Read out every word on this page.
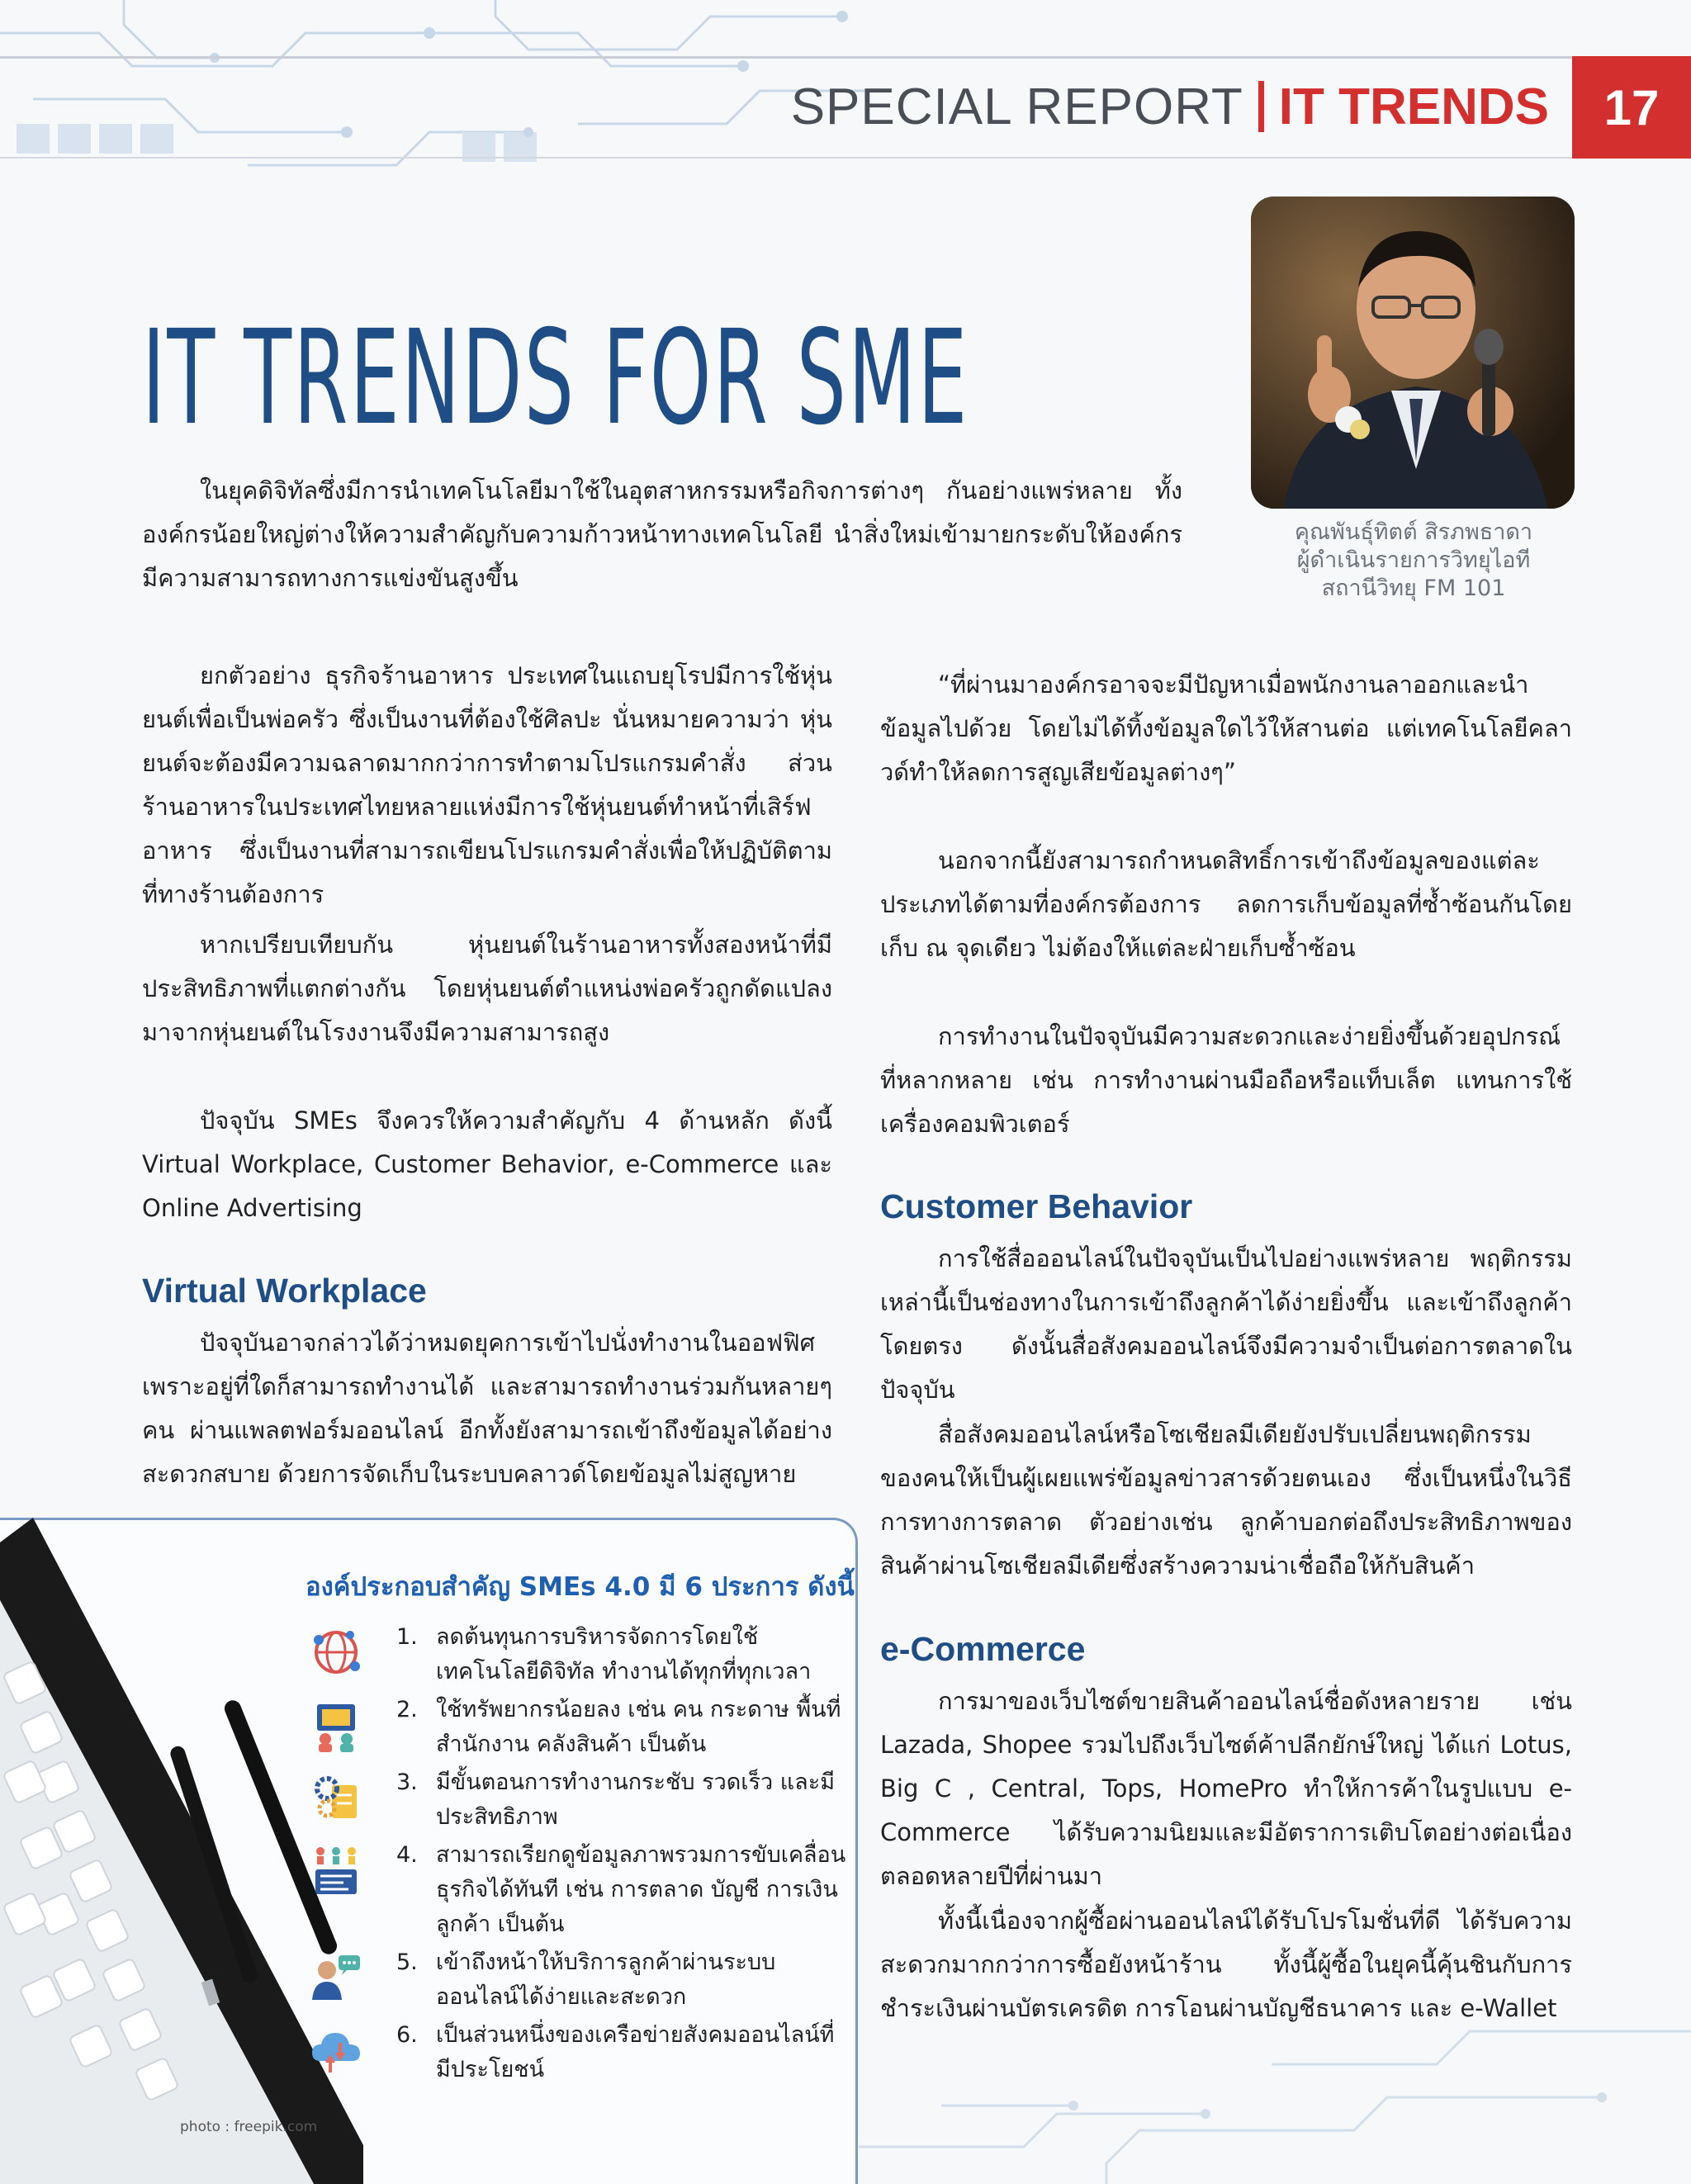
SPECIAL REPORT IT TRENDS	17
IT TRENDS FOR SME

ในยุคดิจิทัลซึ่งมีการนำเทคโนโลยีมาใช้ในอุตสาหกรรมหรือกิจการต่างๆ กันอย่างแพร่หลาย ทั้งองค์กรน้อยใหญ่ต่างให้ความสำคัญกับความก้าวหน้าทางเทคโนโลยี นำสิ่งใหม่เข้ามายกระดับให้องค์กรมีความสามารถทางการแข่งขันสูงขึ้น

คุณพันธุ์ทิตต์ สิรภพธาดา
ผู้ดำเนินรายการวิทยุไอที
สถานีวิทยุ FM 101

ยกตัวอย่าง ธุรกิจร้านอาหาร ประเทศในแถบยุโรปมีการใช้หุ่นยนต์เพื่อเป็นพ่อครัว ซึ่งเป็นงานที่ต้องใช้ศิลปะ นั่นหมายความว่า หุ่นยนต์จะต้องมีความฉลาดมากกว่าการทำตามโปรแกรมคำสั่ง ส่วนร้านอาหารในประเทศไทยหลายแห่งมีการใช้หุ่นยนต์ทำหน้าที่เสิร์ฟอาหาร ซึ่งเป็นงานที่สามารถเขียนโปรแกรมคำสั่งเพื่อให้ปฏิบัติตามที่ทางร้านต้องการ

หากเปรียบเทียบกัน หุ่นยนต์ในร้านอาหารทั้งสองหน้าที่มีประสิทธิภาพที่แตกต่างกัน โดยหุ่นยนต์ตำแหน่งพ่อครัวถูกดัดแปลงมาจากหุ่นยนต์ในโรงงานจึงมีความสามารถสูง

ปัจจุบัน SMEs จึงควรให้ความสำคัญกับ 4 ด้านหลัก ดังนี้ Virtual Workplace, Customer Behavior, e-Commerce และ Online Advertising

Virtual Workplace

ปัจจุบันอาจกล่าวได้ว่าหมดยุคการเข้าไปนั่งทำงานในออฟฟิศ เพราะอยู่ที่ใดก็สามารถทำงานได้ และสามารถทำงานร่วมกันหลายๆ คน ผ่านแพลตฟอร์มออนไลน์ อีกทั้งยังสามารถเข้าถึงข้อมูลได้อย่างสะดวกสบาย ด้วยการจัดเก็บในระบบคลาวด์โดยข้อมูลไม่สูญหาย

“ที่ผ่านมาองค์กรอาจจะมีปัญหาเมื่อพนักงานลาออกและนำข้อมูลไปด้วย โดยไม่ได้ทิ้งข้อมูลใดไว้ให้สานต่อ แต่เทคโนโลยีคลาวด์ทำให้ลดการสูญเสียข้อมูลต่างๆ”

นอกจากนี้ยังสามารถกำหนดสิทธิ์การเข้าถึงข้อมูลของแต่ละประเภทได้ตามที่องค์กรต้องการ ลดการเก็บข้อมูลที่ซ้ำซ้อนกันโดยเก็บ ณ จุดเดียว ไม่ต้องให้แต่ละฝ่ายเก็บซ้ำซ้อน

การทำงานในปัจจุบันมีความสะดวกและง่ายยิ่งขึ้นด้วยอุปกรณ์ที่หลากหลาย เช่น การทำงานผ่านมือถือหรือแท็บเล็ต แทนการใช้เครื่องคอมพิวเตอร์

Customer Behavior

การใช้สื่อออนไลน์ในปัจจุบันเป็นไปอย่างแพร่หลาย พฤติกรรมเหล่านี้เป็นช่องทางในการเข้าถึงลูกค้าได้ง่ายยิ่งขึ้น และเข้าถึงลูกค้าโดยตรง ดังนั้นสื่อสังคมออนไลน์จึงมีความจำเป็นต่อการตลาดในปัจจุบัน

สื่อสังคมออนไลน์หรือโซเชียลมีเดียยังปรับเปลี่ยนพฤติกรรมของคนให้เป็นผู้เผยแพร่ข้อมูลข่าวสารด้วยตนเอง ซึ่งเป็นหนึ่งในวิธีการทางการตลาด ตัวอย่างเช่น ลูกค้าบอกต่อถึงประสิทธิภาพของสินค้าผ่านโซเชียลมีเดียซึ่งสร้างความน่าเชื่อถือให้กับสินค้า

e-Commerce

การมาของเว็บไซต์ขายสินค้าออนไลน์ชื่อดังหลายราย เช่น Lazada, Shopee รวมไปถึงเว็บไซต์ค้าปลีกยักษ์ใหญ่ ได้แก่ Lotus, Big C , Central, Tops, HomePro ทำให้การค้าในรูปแบบ e-Commerce ได้รับความนิยมและมีอัตราการเติบโตอย่างต่อเนื่องตลอดหลายปีที่ผ่านมา

ทั้งนี้เนื่องจากผู้ซื้อผ่านออนไลน์ได้รับโปรโมชั่นที่ดี ได้รับความสะดวกมากกว่าการซื้อยังหน้าร้าน ทั้งนี้ผู้ซื้อในยุคนี้คุ้นชินกับการชำระเงินผ่านบัตรเครดิต การโอนผ่านบัญชีธนาคาร และ e-Wallet

องค์ประกอบสำคัญ SMEs 4.0 มี 6 ประการ ดังนี้
1. ลดต้นทุนการบริหารจัดการโดยใช้เทคโนโลยีดิจิทัล ทำงานได้ทุกที่ทุกเวลา
2. ใช้ทรัพยากรน้อยลง เช่น คน กระดาษ พื้นที่สำนักงาน คลังสินค้า เป็นต้น
3. มีขั้นตอนการทำงานกระชับ รวดเร็ว และมีประสิทธิภาพ
4. สามารถเรียกดูข้อมูลภาพรวมการขับเคลื่อนธุรกิจได้ทันที เช่น การตลาด บัญชี การเงิน ลูกค้า เป็นต้น
5. เข้าถึงหน้าให้บริการลูกค้าผ่านระบบออนไลน์ได้ง่ายและสะดวก
6. เป็นส่วนหนึ่งของเครือข่ายสังคมออนไลน์ที่มีประโยชน์
photo : freepik.com
